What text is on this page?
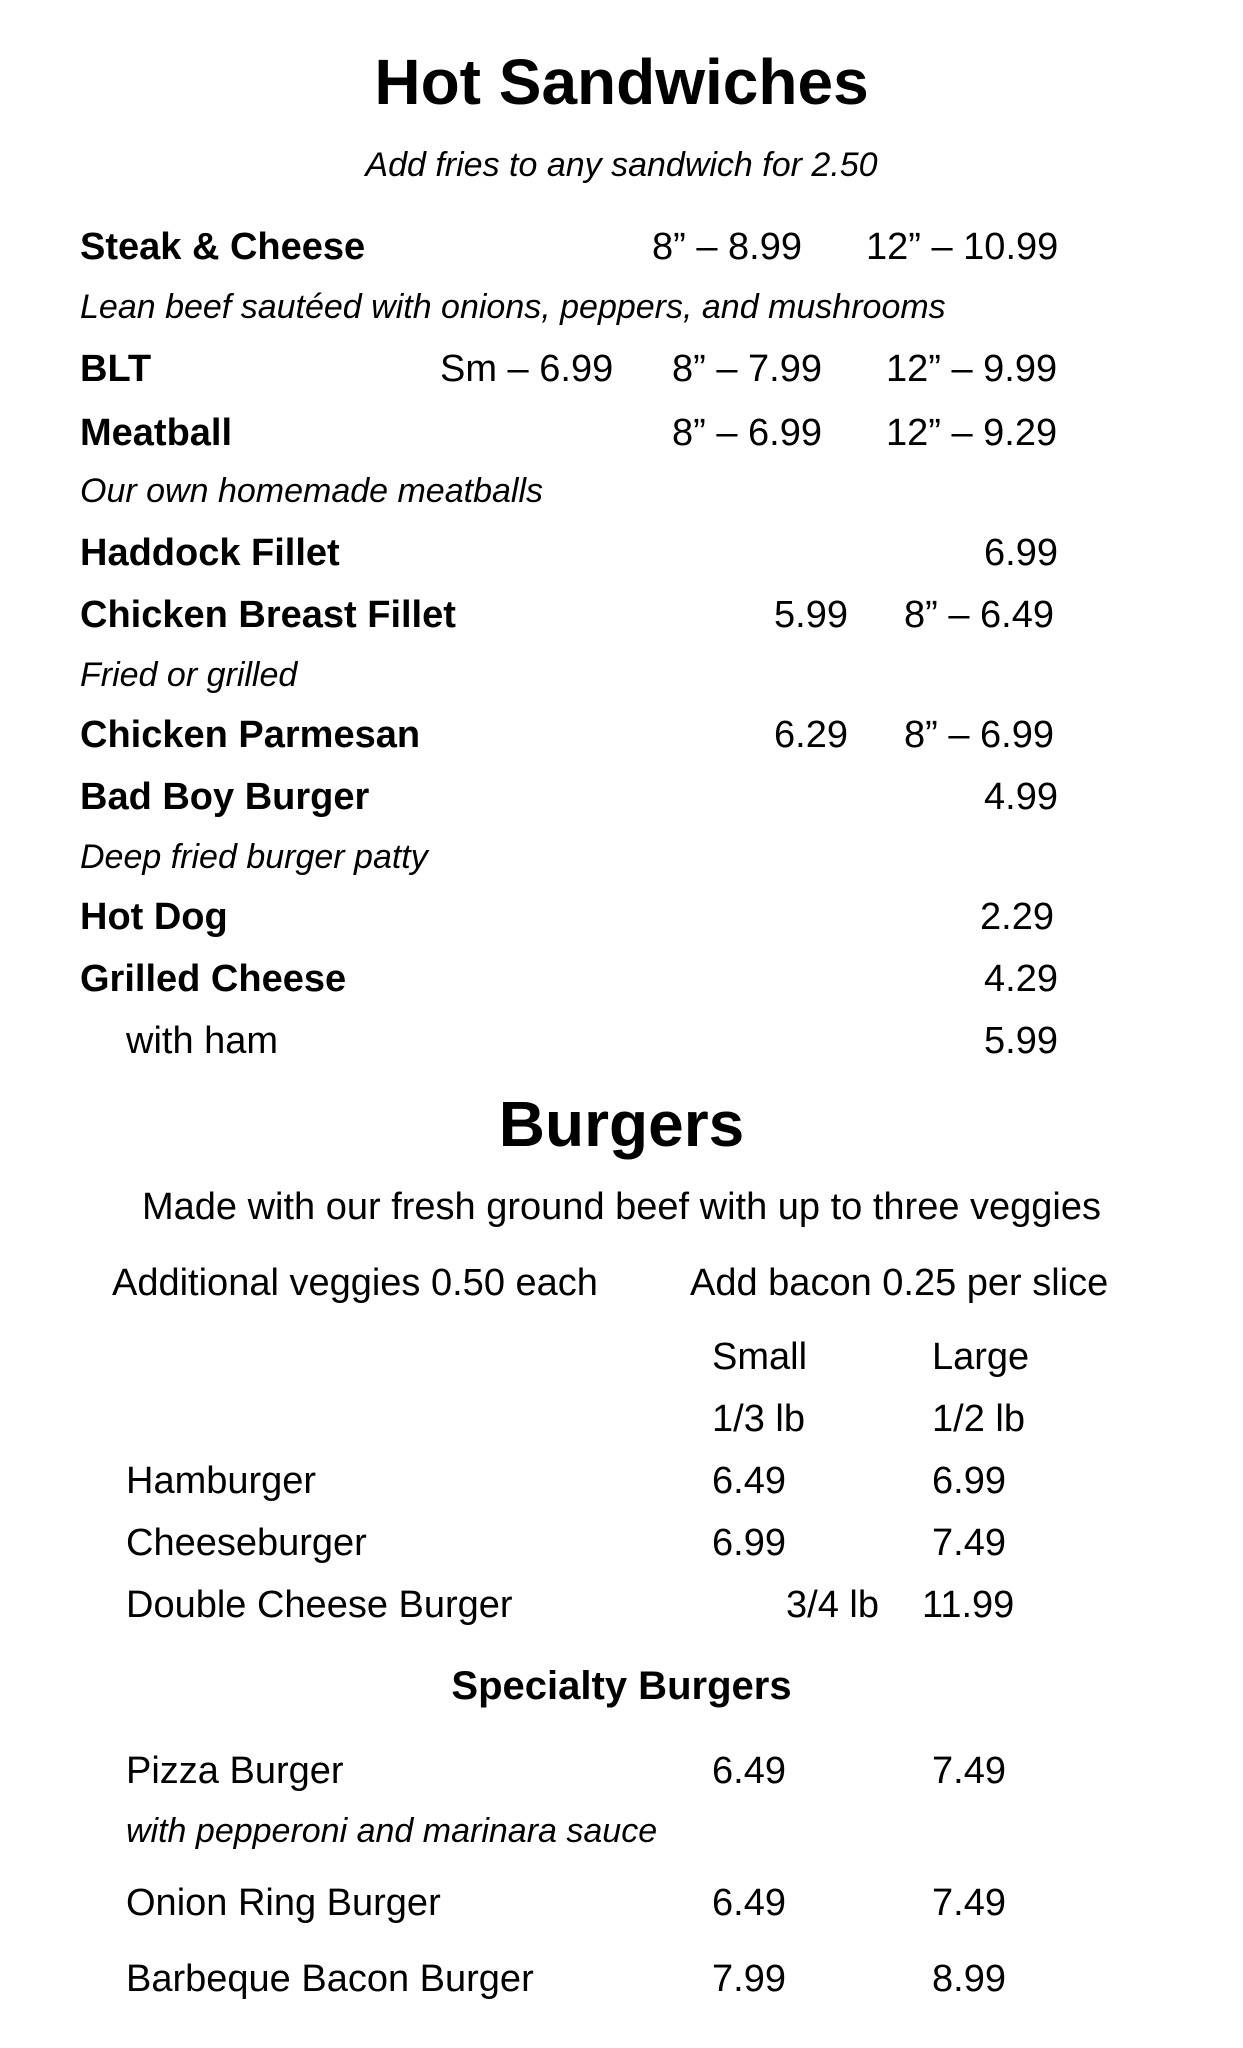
Hot Sandwiches
Add fries to any sandwich for 2.50
Steak & Cheese	8” – 8.99 12” – 10.99
Lean beef sautéed with onions, peppers, and mushrooms
BLT	Sm – 6.99 8” – 7.99 12” – 9.99
Meatball	8” – 6.99 12” – 9.29
Our own homemade meatballs
Haddock Fillet	6.99
Chicken Breast Fillet	5.99 8” – 6.49
Fried or grilled
Chicken Parmesan	6.29 8” – 6.99
Bad Boy Burger	4.99
Deep fried burger patty
Hot Dog	2.29
Grilled Cheese	4.29
with ham	5.99
Burgers
Made with our fresh ground beef with up to three veggies
Additional veggies 0.50 each Add bacon 0.25 per slice
Small	Large
1/3 lb	1/2 lb
Hamburger	6.49	6.99
Cheeseburger	6.99	7.49
Double Cheese Burger	3/4 lb 11.99
Specialty Burgers
Pizza Burger	6.49	7.49
with pepperoni and marinara sauce
Onion Ring Burger	6.49	7.49
Barbeque Bacon Burger	7.99	8.99
